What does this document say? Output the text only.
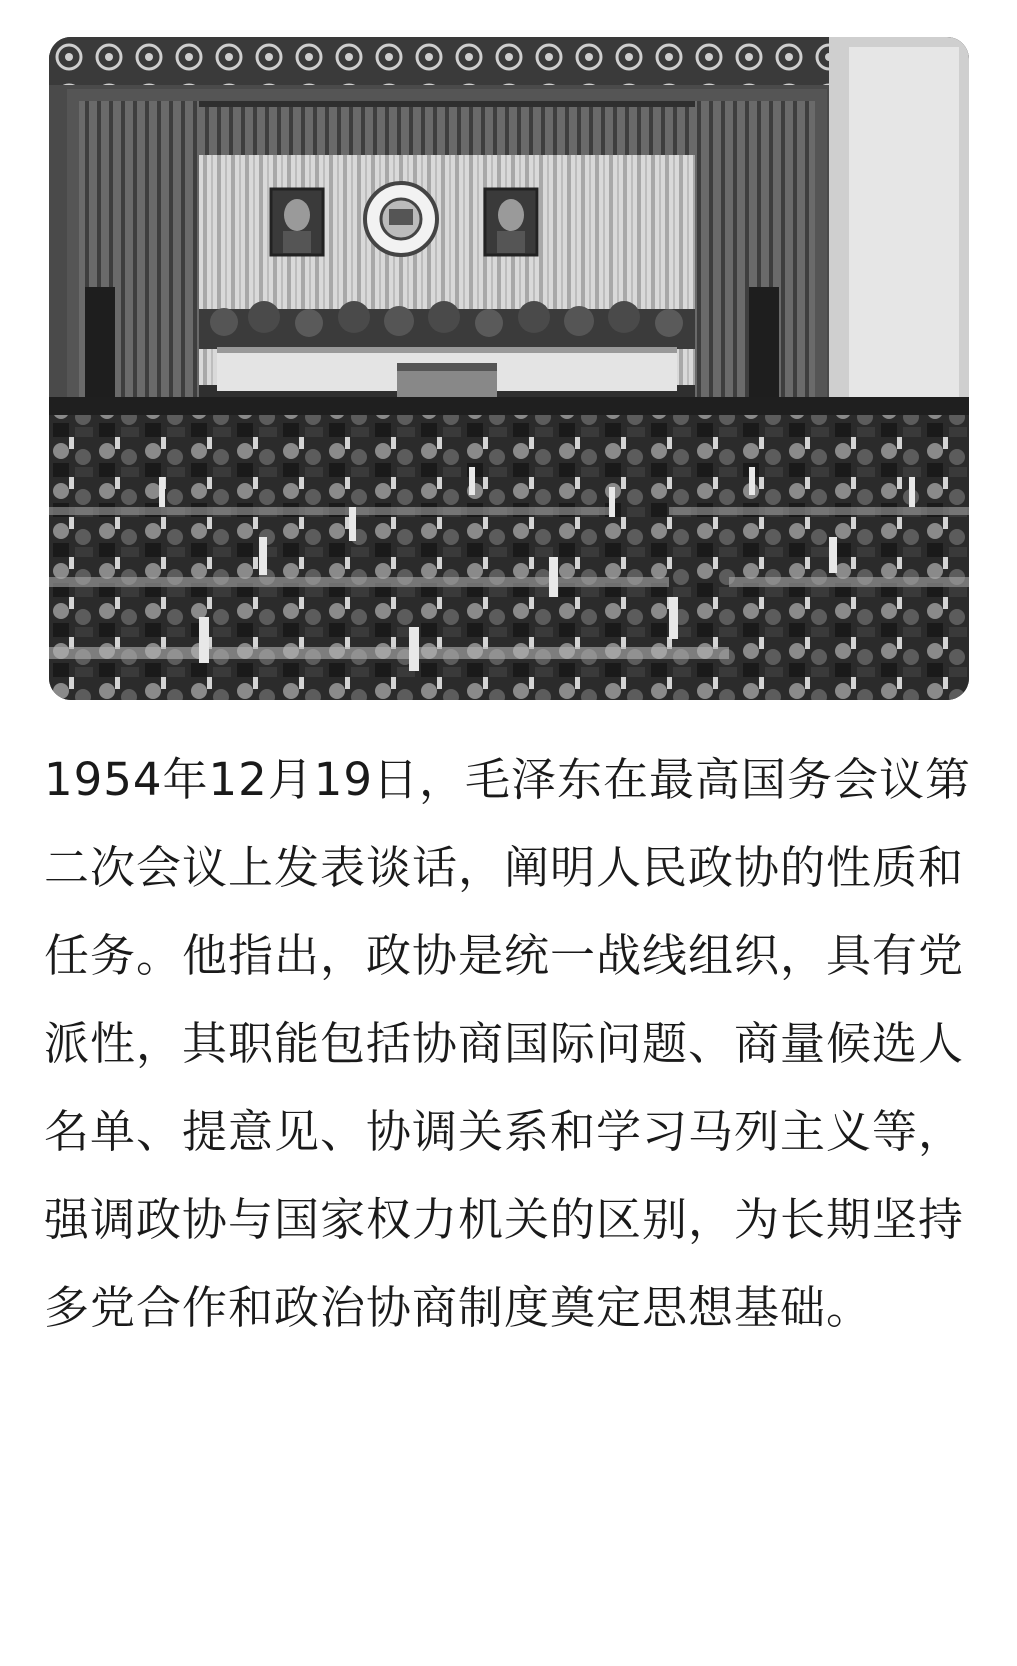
1954年12月19日，毛泽东在最高国务会议第二次会议上发表谈话，阐明人民政协的性质和任务。他指出，政协是统一战线组织，具有党派性，其职能包括协商国际问题、商量候选人名单、提意见、协调关系和学习马列主义等，强调政协与国家权力机关的区别，为长期坚持多党合作和政治协商制度奠定思想基础。
